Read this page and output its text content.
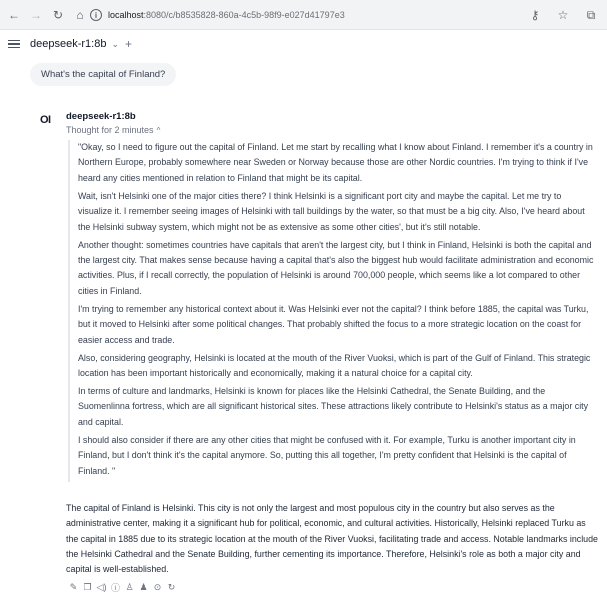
← → ↻	⌂	i	localhost :8080/c/b8535828-860a-4c5b-98f9-e027d41797e3	⚷	☆	⧉
deepseek-r1:8b ⌄ +
What's the capital of Finland?
OI deepseek-r1:8b
Thought for 2 minutes ^

"Okay, so I need to figure out the capital of Finland. Let me start by recalling what I know about Finland. I remember it's a country in Northern Europe, probably somewhere near Sweden or Norway because those are other Nordic countries. I'm trying to think if I've heard any cities mentioned in relation to Finland that might be its capital.

Wait, isn't Helsinki one of the major cities there? I think Helsinki is a significant port city and maybe the capital. Let me try to visualize it. I remember seeing images of Helsinki with tall buildings by the water, so that must be a big city. Also, I've heard about the Helsinki subway system, which might not be as extensive as some other cities', but it's still notable.

Another thought: sometimes countries have capitals that aren't the largest city, but I think in Finland, Helsinki is both the capital and the largest city. That makes sense because having a capital that's also the biggest hub would facilitate administration and economic activities. Plus, if I recall correctly, the population of Helsinki is around 700,000 people, which seems like a lot compared to other cities in Finland.

I'm trying to remember any historical context about it. Was Helsinki ever not the capital? I think before 1885, the capital was Turku, but it moved to Helsinki after some political changes. That probably shifted the focus to a more strategic location on the coast for easier access and trade.

Also, considering geography, Helsinki is located at the mouth of the River Vuoksi, which is part of the Gulf of Finland. This strategic location has been important historically and economically, making it a natural choice for a capital city.

In terms of culture and landmarks, Helsinki is known for places like the Helsinki Cathedral, the Senate Building, and the Suomenlinna fortress, which are all significant historical sites. These attractions likely contribute to Helsinki's status as a major city and capital.

I should also consider if there are any other cities that might be confused with it. For example, Turku is another important city in Finland, but I don't think it's the capital anymore. So, putting this all together, I'm pretty confident that Helsinki is the capital of Finland. "

The capital of Finland is Helsinki. This city is not only the largest and most populous city in the country but also serves as the administrative center, making it a significant hub for political, economic, and cultural activities. Historically, Helsinki replaced Turku as the capital in 1885 due to its strategic location at the mouth of the River Vuoksi, facilitating trade and access. Notable landmarks include the Helsinki Cathedral and the Senate Building, further cementing its importance. Therefore, Helsinki's role as both a major city and capital is well-established.
✎ ❐ ◁) ⓘ ♙ ♟ ⊙ ↻
